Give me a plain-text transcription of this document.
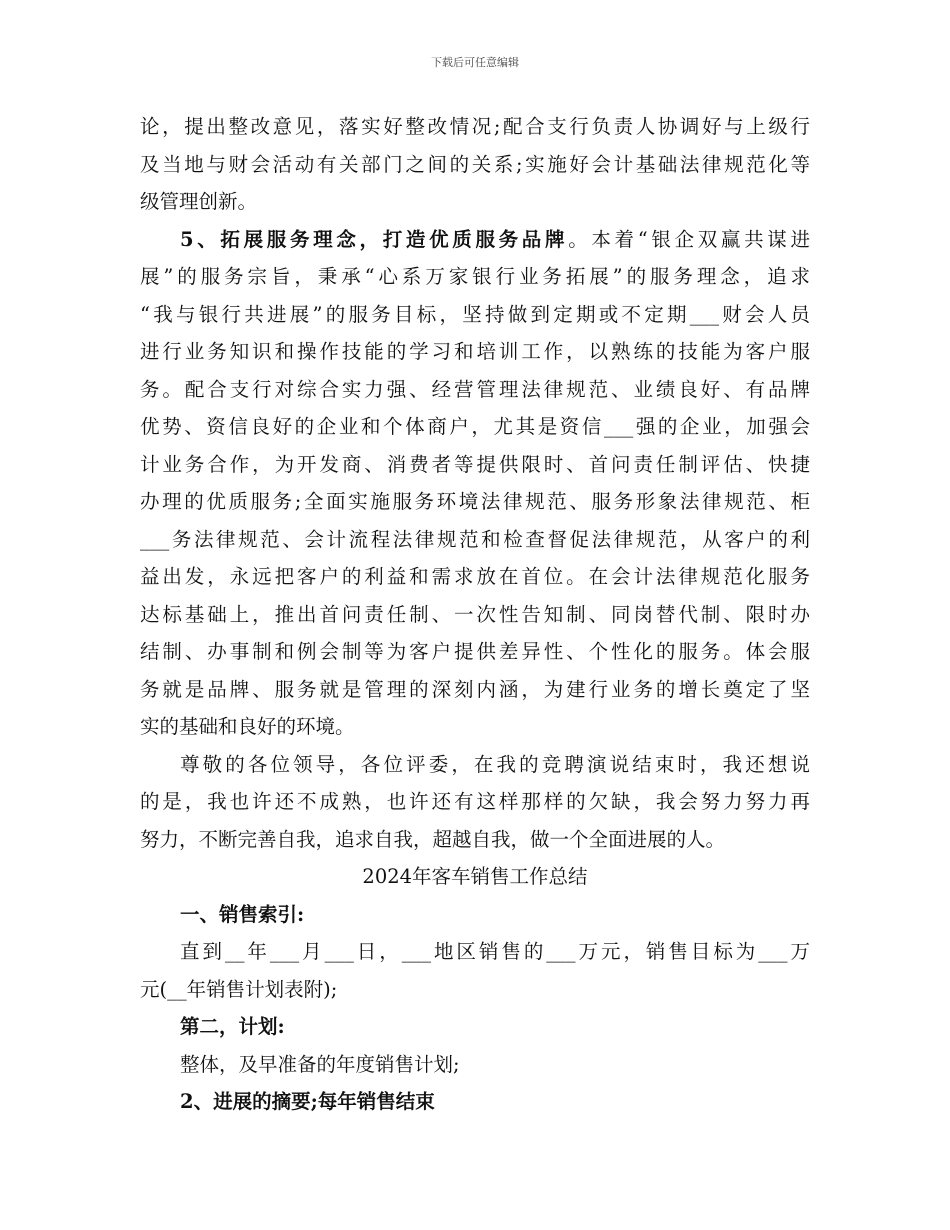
下载后可任意编辑
论，提出整改意见，落实好整改情况;配合支行负责人协调好与上级行
及当地与财会活动有关部门之间的关系;实施好会计基础法律规范化等
级管理创新。
5、拓展服务理念，打造优质服务品牌。本着“银企双赢共谋进
展”的服务宗旨，秉承“心系万家银行业务拓展”的服务理念，追求
“我与银行共进展”的服务目标，坚持做到定期或不定期___财会人员
进行业务知识和操作技能的学习和培训工作，以熟练的技能为客户服
务。配合支行对综合实力强、经营管理法律规范、业绩良好、有品牌
优势、资信良好的企业和个体商户，尤其是资信___强的企业，加强会
计业务合作，为开发商、消费者等提供限时、首问责任制评估、快捷
办理的优质服务;全面实施服务环境法律规范、服务形象法律规范、柜
___务法律规范、会计流程法律规范和检查督促法律规范，从客户的利
益出发，永远把客户的利益和需求放在首位。在会计法律规范化服务
达标基础上，推出首问责任制、一次性告知制、同岗替代制、限时办
结制、办事制和例会制等为客户提供差异性、个性化的服务。体会服
务就是品牌、服务就是管理的深刻内涵，为建行业务的增长奠定了坚
实的基础和良好的环境。
尊敬的各位领导，各位评委，在我的竞聘演说结束时，我还想说
的是，我也许还不成熟，也许还有这样那样的欠缺，我会努力努力再
努力，不断完善自我，追求自我，超越自我，做一个全面进展的人。
2024年客车销售工作总结
一、销售索引:
直到__年___月___日，___地区销售的___万元，销售目标为___万
元(__年销售计划表附);
第二，计划:
整体，及早准备的年度销售计划;
2、进展的摘要;每年销售结束
